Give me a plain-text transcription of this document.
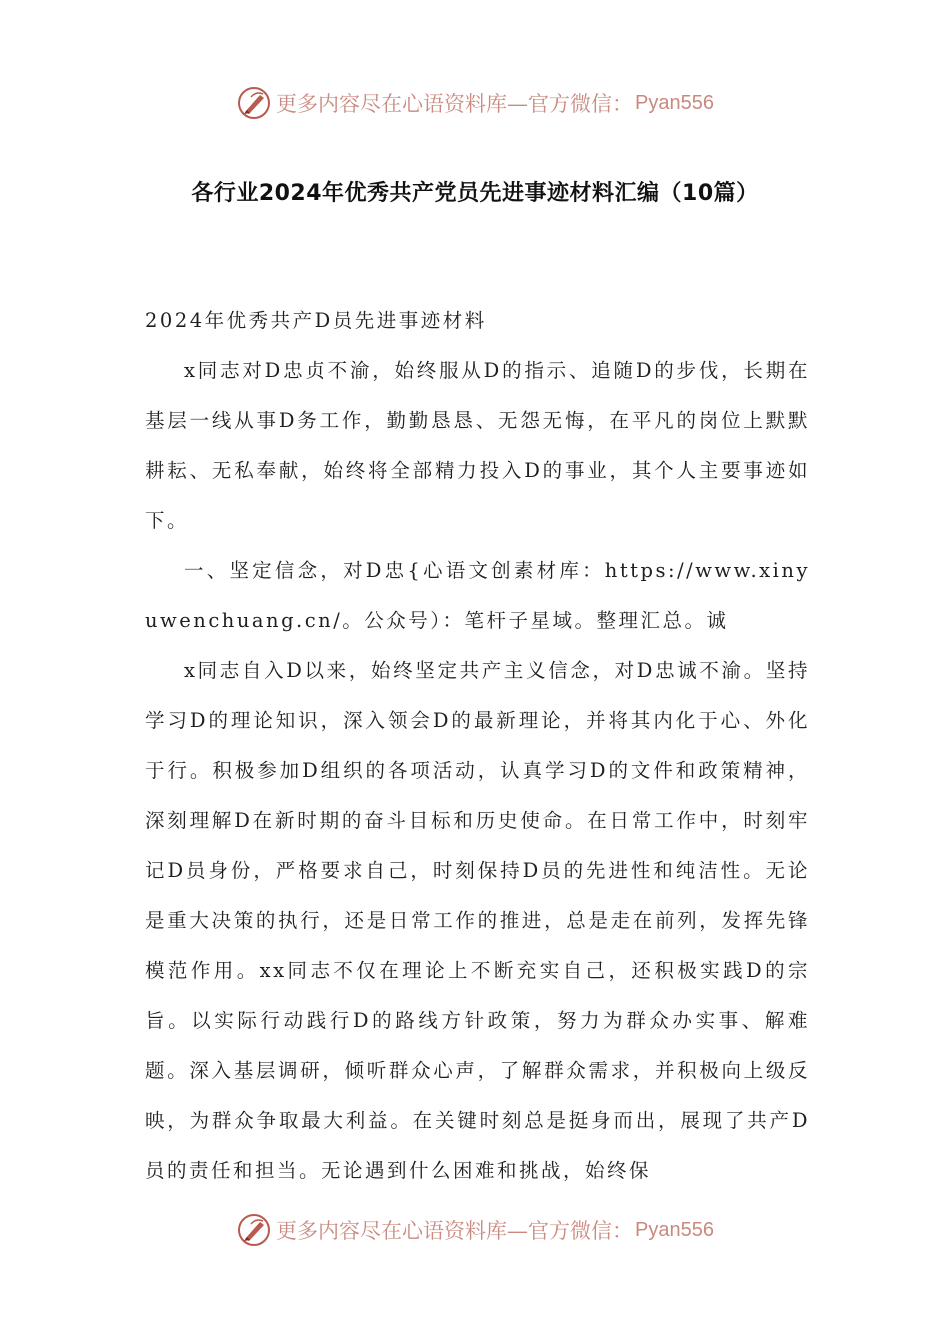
更多内容尽在心语资料库—官方微信： Pyan556
各行业2024年优秀共产党员先进事迹材料汇编（10篇）

2024年优秀共产D员先进事迹材料

x同志对D忠贞不渝，始终服从D的指示、追随D的步伐，长期在基层一线从事D务工作，勤勤恳恳、无怨无悔，在平凡的岗位上默默耕耘、无私奉献，始终将全部精力投入D的事业，其个人主要事迹如下。

一、坚定信念，对D忠{心语文创素材库：https://www.xinyuwenchuang.cn/。公众号）：笔杆子星域。整理汇总。诚

x同志自入D以来，始终坚定共产主义信念，对D忠诚不渝。坚持学习D的理论知识，深入领会D的最新理论，并将其内化于心、外化于行。积极参加D组织的各项活动，认真学习D的文件和政策精神，深刻理解D在新时期的奋斗目标和历史使命。在日常工作中，时刻牢记D员身份，严格要求自己，时刻保持D员的先进性和纯洁性。无论是重大决策的执行，还是日常工作的推进，总是走在前列，发挥先锋模范作用。xx同志不仅在理论上不断充实自己，还积极实践D的宗旨。以实际行动践行D的路线方针政策，努力为群众办实事、解难题。深入基层调研，倾听群众心声，了解群众需求，并积极向上级反映，为群众争取最大利益。在关键时刻总是挺身而出，展现了共产D员的责任和担当。无论遇到什么困难和挑战，始终保

更多内容尽在心语资料库—官方微信： Pyan556
